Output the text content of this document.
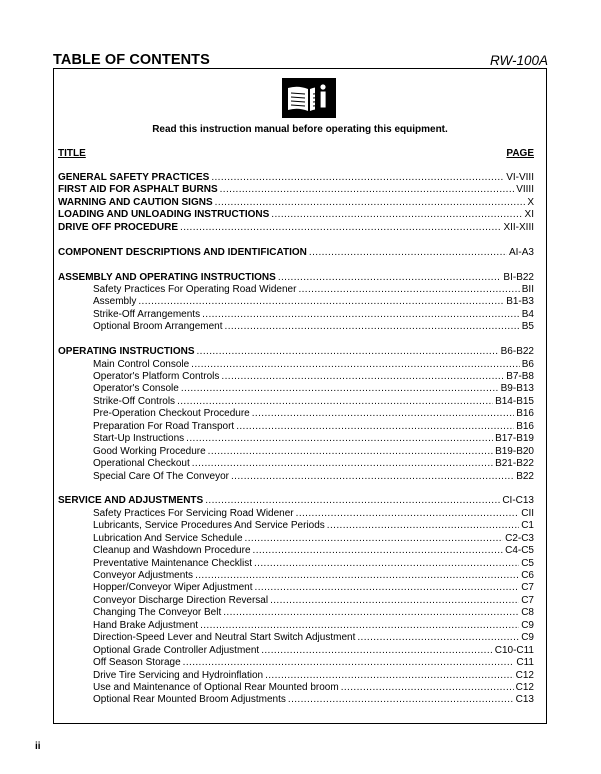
TABLE OF CONTENTS	RW-100A
Read this instruction manual before operating this equipment.
TITLE	PAGE
GENERAL SAFETY PRACTICES .....	VI-VIII
FIRST AID FOR ASPHALT BURNS .....	VIIII
WARNING AND CAUTION SIGNS .....	X
LOADING AND UNLOADING INSTRUCTIONS .....	XI
DRIVE OFF PROCEDURE .....	XII-XIII
COMPONENT DESCRIPTIONS AND IDENTIFICATION .....	AI-A3
ASSEMBLY AND OPERATING INSTRUCTIONS .....	BI-B22
Safety Practices For Operating Road Widener .....	BII
Assembly .....	B1-B3
Strike-Off Arrangements .....	B4
Optional Broom Arrangement .....	B5
OPERATING INSTRUCTIONS .....	B6-B22
Main Control Console .....	B6
Operator's Platform Controls .....	B7-B8
Operator's Console .....	B9-B13
Strike-Off Controls .....	B14-B15
Pre-Operation Checkout Procedure .....	B16
Preparation For Road Transport .....	B16
Start-Up Instructions .....	B17-B19
Good Working Procedure .....	B19-B20
Operational Checkout .....	B21-B22
Special Care Of The Conveyor .....	B22
SERVICE AND ADJUSTMENTS .....	CI-C13
Safety Practices For Servicing Road Widener .....	CII
Lubricants, Service Procedures And Service Periods .....	C1
Lubrication And Service Schedule .....	C2-C3
Cleanup and Washdown Procedure .....	C4-C5
Preventative Maintenance Checklist .....	C5
Conveyor Adjustments .....	C6
Hopper/Conveyor Wiper Adjustment .....	C7
Conveyor Discharge Direction Reversal .....	C7
Changing The Conveyor Belt .....	C8
Hand Brake Adjustment .....	C9
Direction-Speed Lever and Neutral Start Switch Adjustment .....	C9
Optional Grade Controller Adjustment .....	C10-C11
Off Season Storage .....	C11
Drive Tire Servicing and Hydroinflation .....	C12
Use and Maintenance of Optional Rear Mounted broom .....	C12
Optional Rear Mounted Broom Adjustments .....	C13
ii
